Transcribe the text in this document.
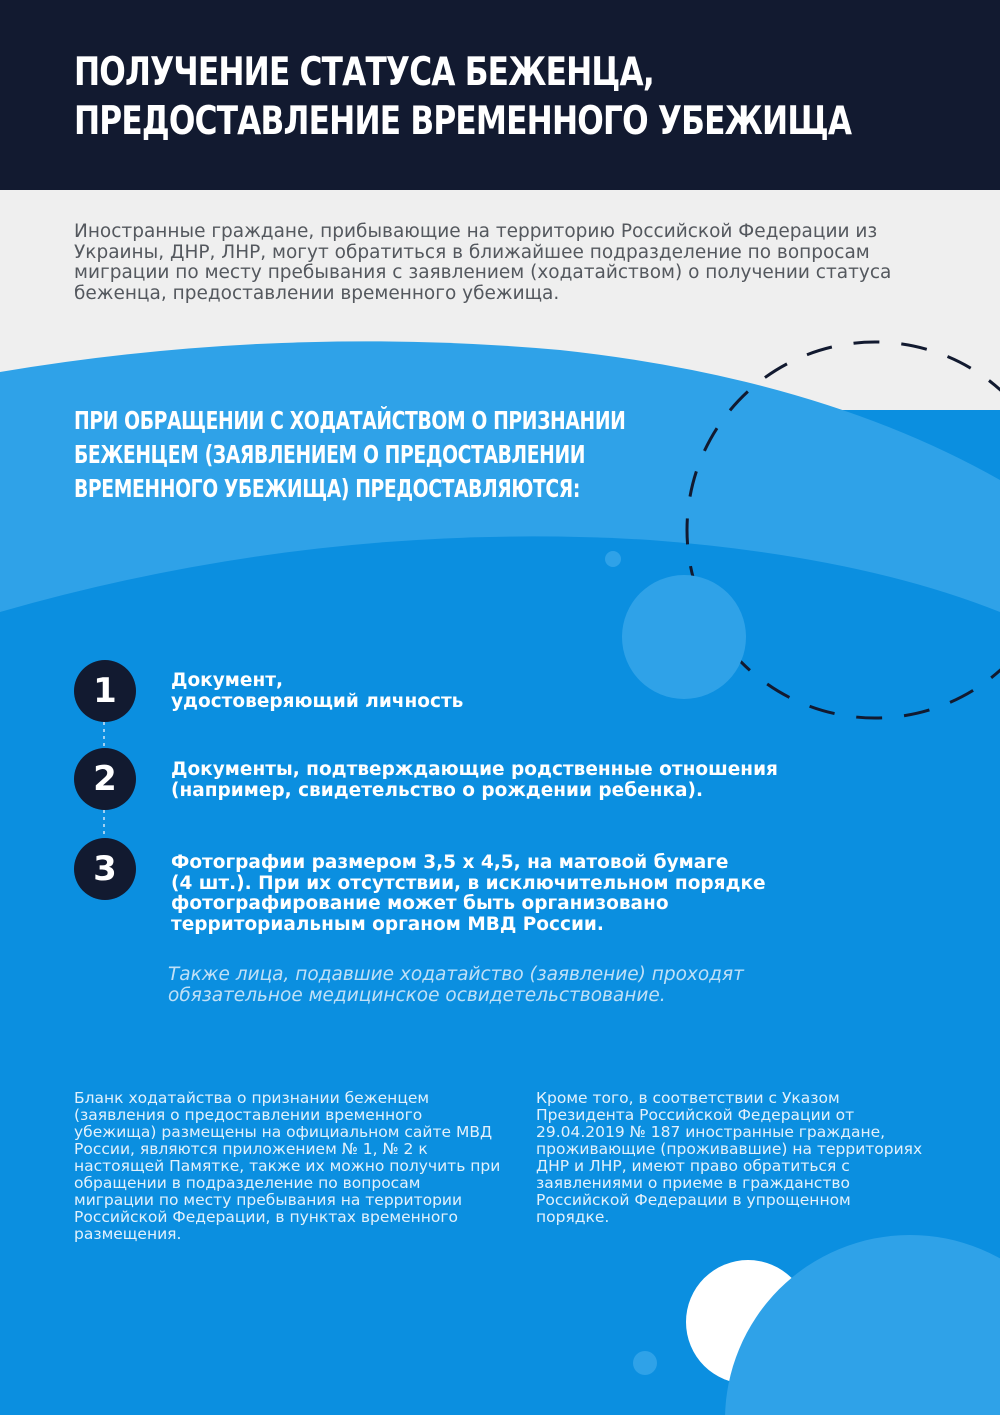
ПОЛУЧЕНИЕ СТАТУСА БЕЖЕНЦА,
ПРЕДОСТАВЛЕНИЕ ВРЕМЕННОГО УБЕЖИЩА

Иностранные граждане, прибывающие на территорию Российской Федерации из Украины, ДНР, ЛНР, могут обратиться в ближайшее подразделение по вопросам миграции по месту пребывания с заявлением (ходатайством) о получении статуса беженца, предоставлении временного убежища.

ПРИ ОБРАЩЕНИИ С ХОДАТАЙСТВОМ О ПРИЗНАНИИ
БЕЖЕНЦЕМ (ЗАЯВЛЕНИЕМ О ПРЕДОСТАВЛЕНИИ
ВРЕМЕННОГО УБЕЖИЩА) ПРЕДОСТАВЛЯЮТСЯ:
1	Документ,
удостоверяющий личность

2	Документы, подтверждающие родственные отношения
(например, свидетельство о рождении ребенка).

3	Фотографии размером 3,5 х 4,5, на матовой бумаге
(4 шт.). При их отсутствии, в исключительном порядке
фотографирование может быть организовано
территориальным органом МВД России.

Также лица, подавшие ходатайство (заявление) проходят обязательное медицинское освидетельствование.

Бланк ходатайства о признании беженцем (заявления о предоставлении временного убежища) размещены на официальном сайте МВД России, являются приложением № 1, № 2 к настоящей Памятке, также их можно получить при обращении в подразделение по вопросам миграции по месту пребывания на территории Российской Федерации, в пунктах временного размещения.

Кроме того, в соответствии с Указом Президента Российской Федерации от 29.04.2019 № 187 иностранные граждане, проживающие (проживавшие) на территориях ДНР и ЛНР, имеют право обратиться с заявлениями о приеме в гражданство Российской Федерации в упрощенном порядке.
